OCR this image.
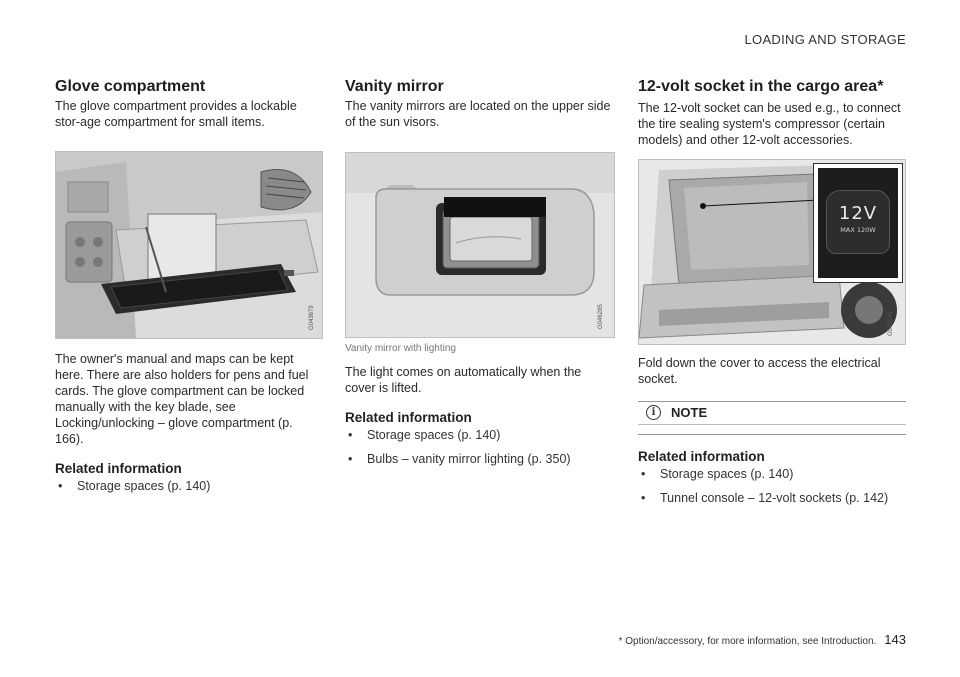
LOADING AND STORAGE
Glove compartment

The glove compartment provides a lockable stor-age compartment for small items.

G043679

The owner's manual and maps can be kept here. There are also holders for pens and fuel cards. The glove compartment can be locked manually with the key blade, see Locking/unlocking – glove compartment (p. 166).

Related information
•	Storage spaces (p. 140)
Vanity mirror

The vanity mirrors are located on the upper side of the sun visors.

G046285
Vanity mirror with lighting

The light comes on automatically when the cover is lifted.

Related information
•	Storage spaces (p. 140)
•	Bulbs – vanity mirror lighting (p. 350)
12-volt socket in the cargo area*

The 12-volt socket can be used e.g., to connect the tire sealing system's compressor (certain models) and other 12-volt accessories.

12V
MAX 120W
G045549

Fold down the cover to access the electrical socket.

i	NOTE
Related information
•	Storage spaces (p. 140)
•	Tunnel console – 12-volt sockets (p. 142)
* Option/accessory, for more information, see Introduction. 143
